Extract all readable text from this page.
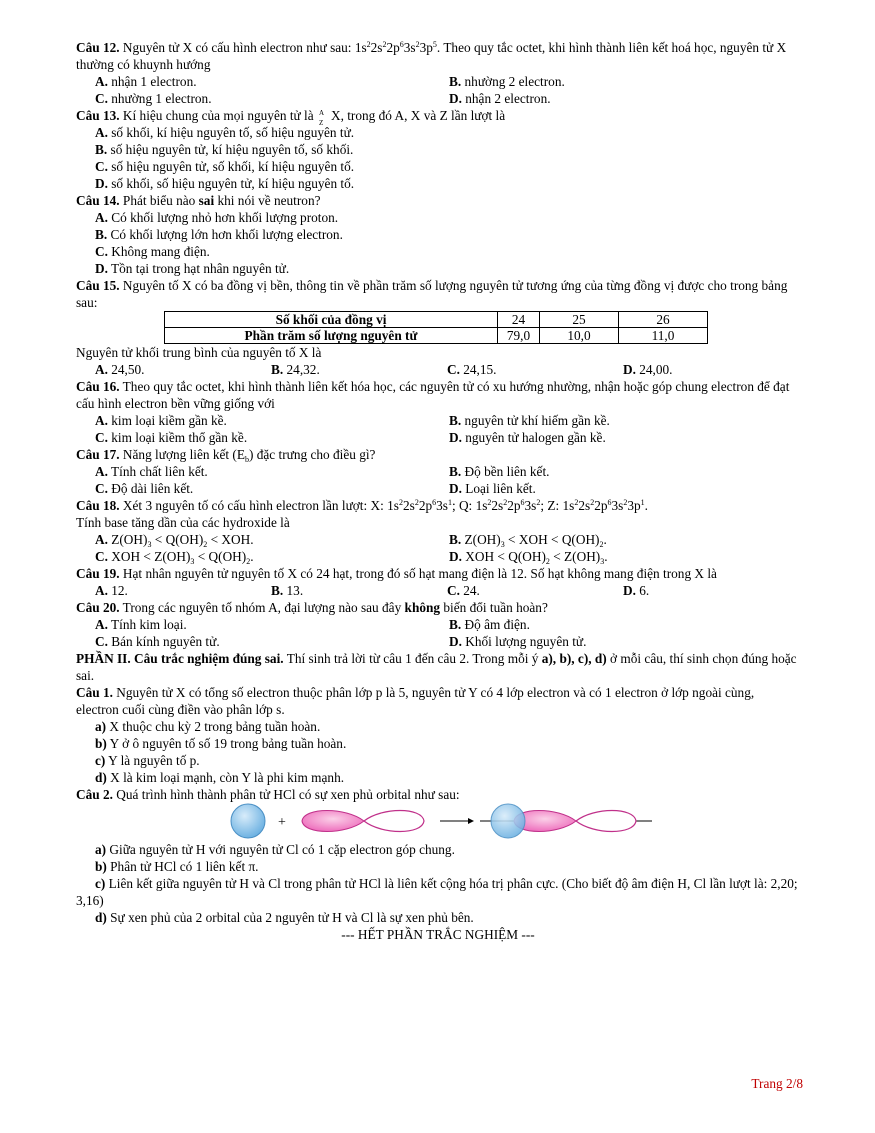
Câu 12. Nguyên tử X có cấu hình electron như sau: $1s^22s^22p^63s^23p^5$. Theo quy tắc octet, khi hình thành liên kết hoá học, nguyên tử X thường có khuynh hướng

A. nhận 1 electron.	B. nhường 2 electron.
C. nhường 1 electron.	D. nhận 2 electron.

Câu 13. Kí hiệu chung của mọi nguyên tử là A
Z X, trong đó A, X và Z lần lượt là

A. số khối, kí hiệu nguyên tố, số hiệu nguyên tử.
B. số hiệu nguyên tử, kí hiệu nguyên tố, số khối.
C. số hiệu nguyên tử, số khối, kí hiệu nguyên tố.
D. số khối, số hiệu nguyên tử, kí hiệu nguyên tố.

Câu 14. Phát biểu nào sai khi nói về neutron?

A. Có khối lượng nhỏ hơn khối lượng proton.
B. Có khối lượng lớn hơn khối lượng electron.
C. Không mang điện.
D. Tồn tại trong hạt nhân nguyên tử.

Câu 15. Nguyên tố X có ba đồng vị bền, thông tin về phần trăm số lượng nguyên tử tương ứng của từng đồng vị được cho trong bảng sau:

Số khối của đồng vị	24	25	26
Phần trăm số lượng nguyên tử	79,0	10,0	11,0

Nguyên tử khối trung bình của nguyên tố X là

A. 24,50.	B. 24,32.	C. 24,15.	D. 24,00.

Câu 16. Theo quy tắc octet, khi hình thành liên kết hóa học, các nguyên tử có xu hướng nhường, nhận hoặc góp chung electron để đạt cấu hình electron bền vững giống với

A. kim loại kiềm gần kề.	B. nguyên tử khí hiếm gần kề.
C. kim loại kiềm thổ gần kề.	D. nguyên tử halogen gần kề.

Câu 17. Năng lượng liên kết $(E_b)$ đặc trưng cho điều gì?

A. Tính chất liên kết.	B. Độ bền liên kết.
C. Độ dài liên kết.	D. Loại liên kết.

Câu 18. Xét 3 nguyên tố có cấu hình electron lần lượt: X: $1s^22s^22p^63s^1$; Q: $1s^22s^22p^63s^2$; Z: $1s^22s^22p^63s^23p^1$.
Tính base tăng dần của các hydroxide là

A. $Z(OH)_3 < Q(OH)_2$ < XOH.	B. $Z(OH)_3$ < XOH < $Q(OH)_2$.
C. XOH < $Z(OH)_3 < Q(OH)_2$.	D. XOH < $Q(OH)_2 < Z(OH)_3$.

Câu 19. Hạt nhân nguyên tử nguyên tố X có 24 hạt, trong đó số hạt mang điện là 12. Số hạt không mang điện trong X là

A. 12.	B. 13.	C. 24.	D. 6.

Câu 20. Trong các nguyên tố nhóm A, đại lượng nào sau đây không biến đổi tuần hoàn?

A. Tính kim loại.	B. Độ âm điện.
C. Bán kính nguyên tử.	D. Khối lượng nguyên tử.

PHẦN II. Câu trắc nghiệm đúng sai. Thí sinh trả lời từ câu 1 đến câu 2. Trong mỗi ý a), b), c), d) ở mỗi câu, thí sinh chọn đúng hoặc sai.

Câu 1. Nguyên tử X có tổng số electron thuộc phân lớp p là 5, nguyên tử Y có 4 lớp electron và có 1 electron ở lớp ngoài cùng, electron cuối cùng điền vào phân lớp s.

a) X thuộc chu kỳ 2 trong bảng tuần hoàn.
b) Y ở ô nguyên tố số 19 trong bảng tuần hoàn.
c) Y là nguyên tố p.
d) X là kim loại mạnh, còn Y là phi kim mạnh.

Câu 2. Quá trình hình thành phân tử HCl có sự xen phủ orbital như sau:

+
a) Giữa nguyên tử H với nguyên tử Cl có 1 cặp electron góp chung.
b) Phân tử HCl có 1 liên kết π.
c) Liên kết giữa nguyên tử H và Cl trong phân tử HCl là liên kết cộng hóa trị phân cực. (Cho biết độ âm điện H, Cl lần lượt là: 2,20; 3,16)
d) Sự xen phủ của 2 orbital của 2 nguyên tử H và Cl là sự xen phủ bên.
--- HẾT PHẦN TRẮC NGHIỆM ---
Trang 2/8
